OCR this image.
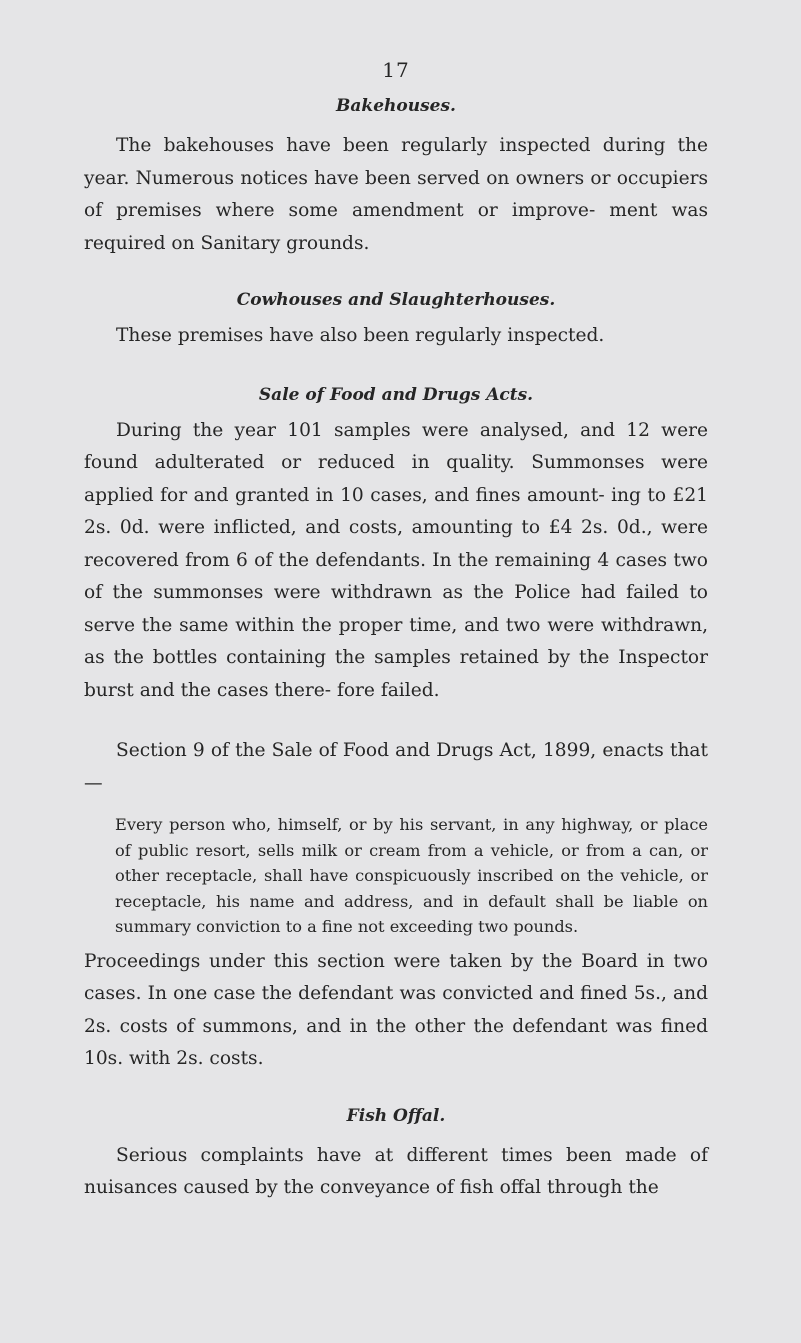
17
Bakehouses.

The bakehouses have been regularly inspected during the year. Numerous notices have been served on owners or occupiers of premises where some amendment or improve- ment was required on Sanitary grounds.

Cowhouses and Slaughterhouses.

These premises have also been regularly inspected.

Sale of Food and Drugs Acts.

During the year 101 samples were analysed, and 12 were found adulterated or reduced in quality. Summonses were applied for and granted in 10 cases, and fines amount- ing to £21 2s. 0d. were inflicted, and costs, amounting to £4 2s. 0d., were recovered from 6 of the defendants. In the remaining 4 cases two of the summonses were withdrawn as the Police had failed to serve the same within the proper time, and two were withdrawn, as the bottles containing the samples retained by the Inspector burst and the cases there- fore failed.

Section 9 of the Sale of Food and Drugs Act, 1899, enacts that—

Every person who, himself, or by his servant, in any highway, or place of public resort, sells milk or cream from a vehicle, or from a can, or other receptacle, shall have conspicuously inscribed on the vehicle, or receptacle, his name and address, and in default shall be liable on summary conviction to a fine not exceeding two pounds.

Proceedings under this section were taken by the Board in two cases. In one case the defendant was convicted and fined 5s., and 2s. costs of summons, and in the other the defendant was fined 10s. with 2s. costs.

Fish Offal.

Serious complaints have at different times been made of nuisances caused by the conveyance of fish offal through the
